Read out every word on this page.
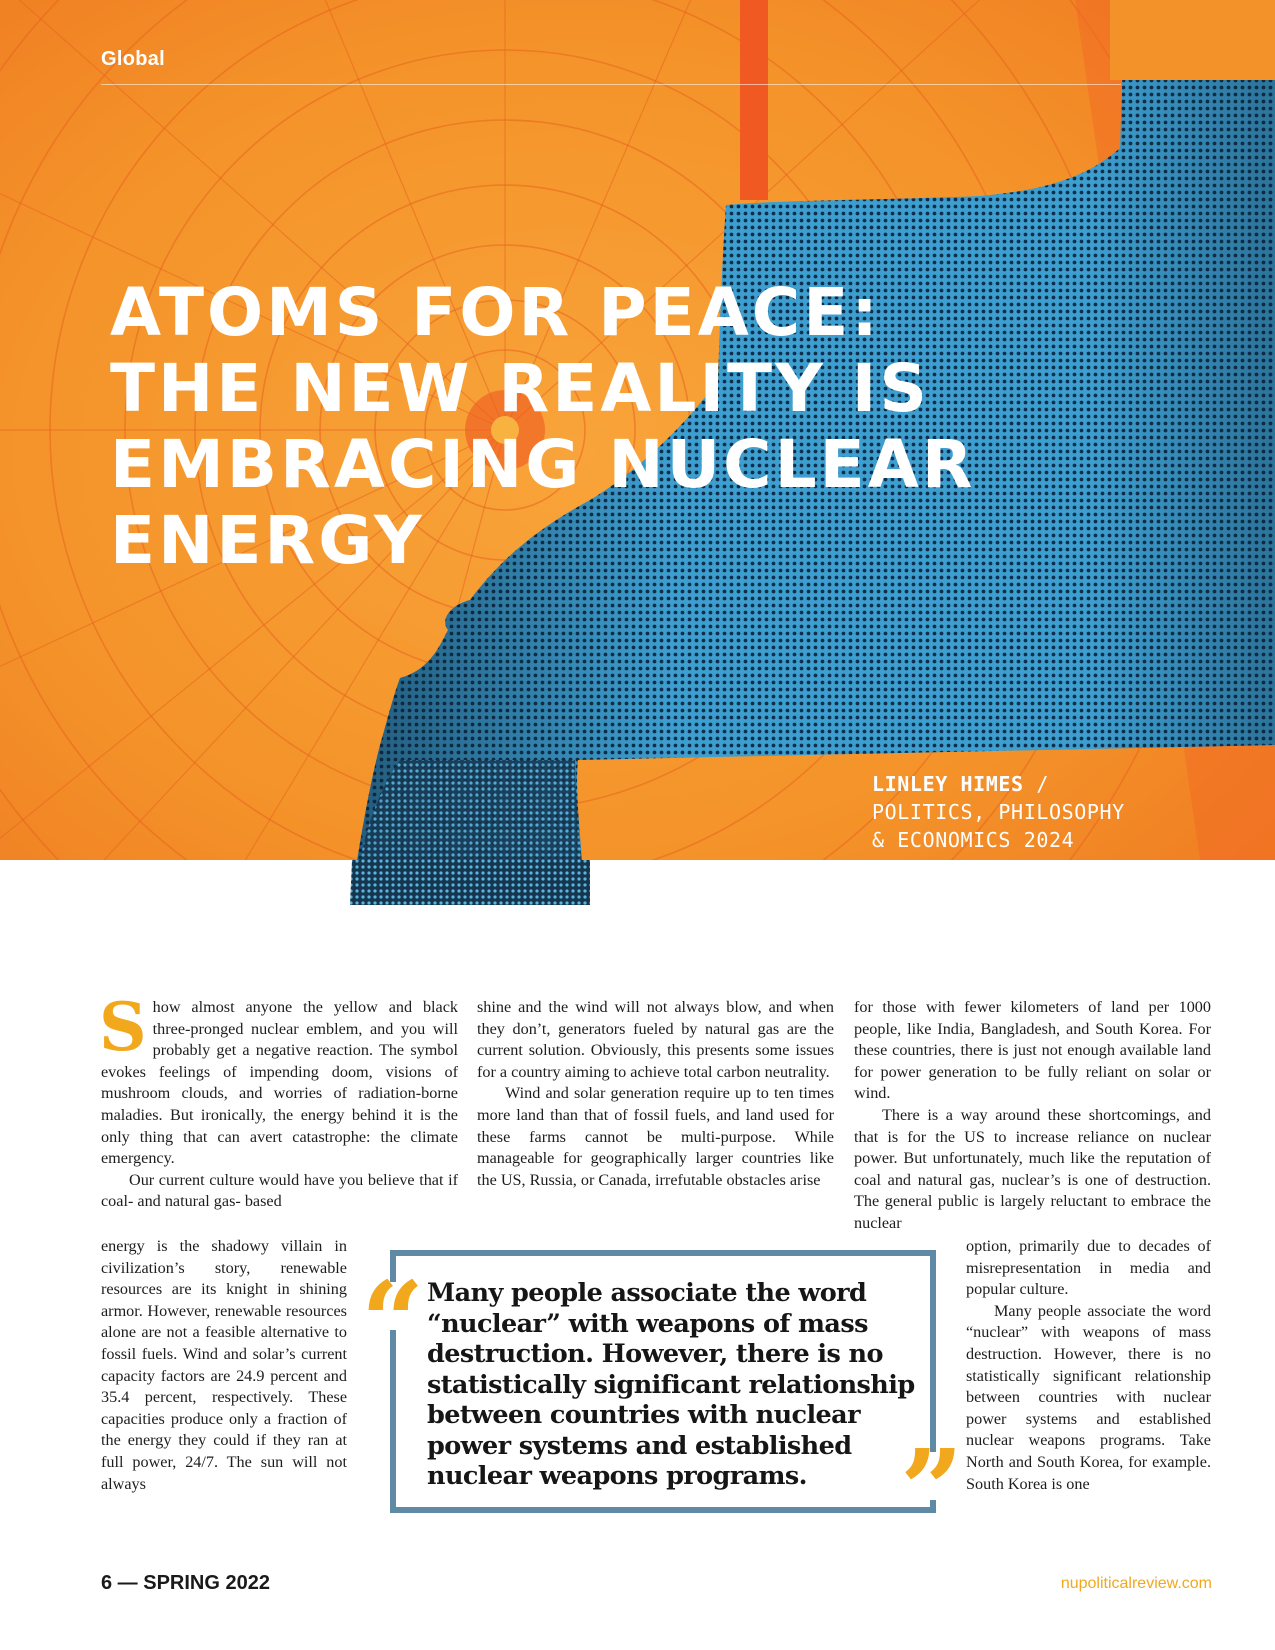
Global
ATOMS FOR PEACE:
THE NEW REALITY IS
EMBRACING NUCLEAR
ENERGY
LINLEY HIMES /
POLITICS, PHILOSOPHY
& ECONOMICS 2024

Show almost anyone the yellow and black three-pronged nuclear emblem, and you will probably get a negative reaction. The symbol evokes feelings of impending doom, visions of mushroom clouds, and worries of radiation-borne maladies. But ironically, the energy behind it is the only thing that can avert catastrophe: the climate emergency.

Our current culture would have you believe that if coal- and natural gas- based

energy is the shadowy villain in civilization’s story, renewable resources are its knight in shining armor. However, renewable resources alone are not a feasible alternative to fossil fuels. Wind and solar’s current capacity factors are 24.9 percent and 35.4 percent, respectively. These capacities produce only a fraction of the energy they could if they ran at full power, 24/7. The sun will not always

shine and the wind will not always blow, and when they don’t, generators fueled by natural gas are the current solution. Obviously, this presents some issues for a country aiming to achieve total carbon neutrality.

Wind and solar generation require up to ten times more land than that of fossil fuels, and land used for these farms cannot be multi-purpose. While manageable for geographically larger countries like the US, Russia, or Canada, irrefutable obstacles arise

for those with fewer kilometers of land per 1000 people, like India, Bangladesh, and South Korea. For these countries, there is just not enough available land for power generation to be fully reliant on solar or wind.

There is a way around these shortcomings, and that is for the US to increase reliance on nuclear power. But unfortunately, much like the reputation of coal and natural gas, nuclear’s is one of destruction. The general public is largely reluctant to embrace the nuclear

option, primarily due to decades of misrepresentation in media and popular culture.

Many people associate the word “nuclear” with weapons of mass destruction. However, there is no statistically significant relationship between countries with nuclear power systems and established nuclear weapons programs. Take North and South Korea, for example. South Korea is one

“ Many people associate the word “nuclear” with weapons of mass destruction. However, there is no statistically significant relationship between countries with nuclear power systems and established nuclear weapons programs. ”
6 — SPRING 2022	nupoliticalreview.com
